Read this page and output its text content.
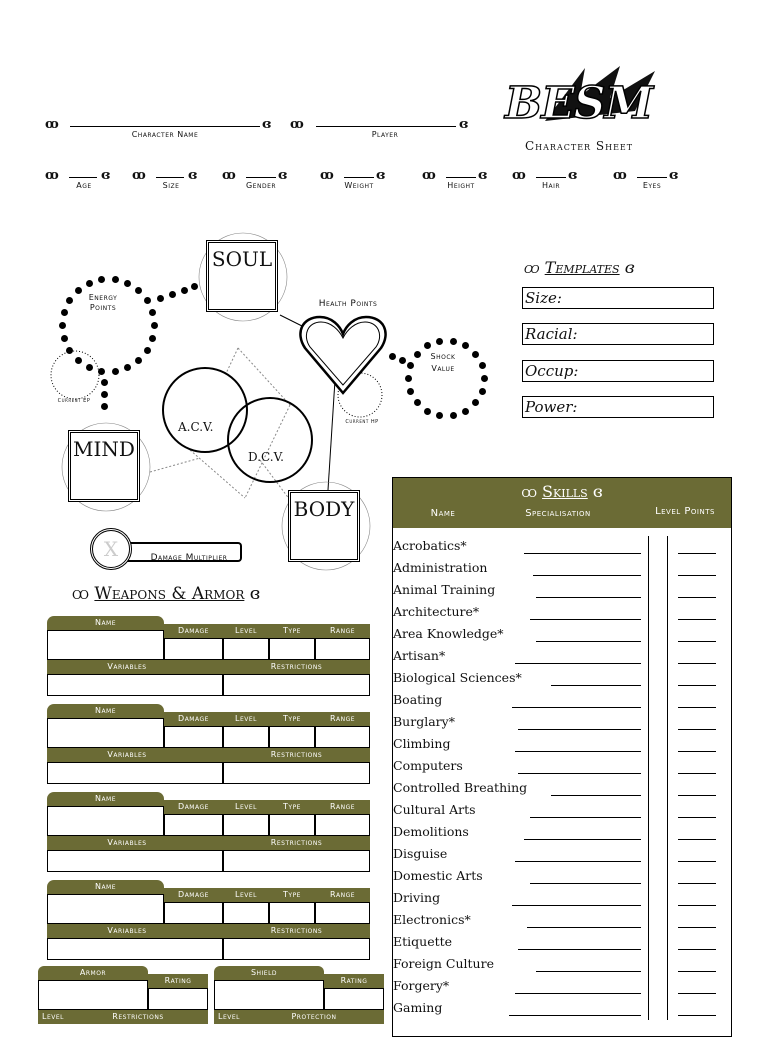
BESM
Character Sheet
ꝏ
Character Name
ɞ ꝏ
Player
ɞ
ꝏ
Age
ɞ ꝏ
Size
ɞ ꝏ
Gender
ɞ	ꝏ
Weight
ɞ	ꝏ
Height
ɞ ꝏ
Hair
ɞ	ꝏ
Eyes
ɞ
SOUL
MIND
BODY
A.C.V.
D.C.V.
Energy Points
Current EP
Health Points
Current HP
Shock Value
X	Damage Multiplier
ꝏ Templates ɞ
Size:
Racial:
Occup:
Power:
ꝏ Skills ɞ
Name	Specialisation	Level Points
Acrobatics*
Administration
Animal Training
Architecture*
Area Knowledge*
Artisan*
Biological Sciences*
Boating
Burglary*
Climbing
Computers
Controlled Breathing
Cultural Arts
Demolitions
Disguise
Domestic Arts
Driving
Electronics*
Etiquette
Foreign Culture
Forgery*
Gaming
ꝏ Weapons & Armor ɞ
Name
Damage	Level	Type	Range
Variables	Restrictions
Name
Damage	Level	Type	Range
Variables	Restrictions
Name
Damage	Level	Type	Range
Variables	Restrictions
Name
Damage	Level	Type	Range
Variables	Restrictions
Armor
Rating
Level	Restrictions
Shield
Rating
Level	Protection
